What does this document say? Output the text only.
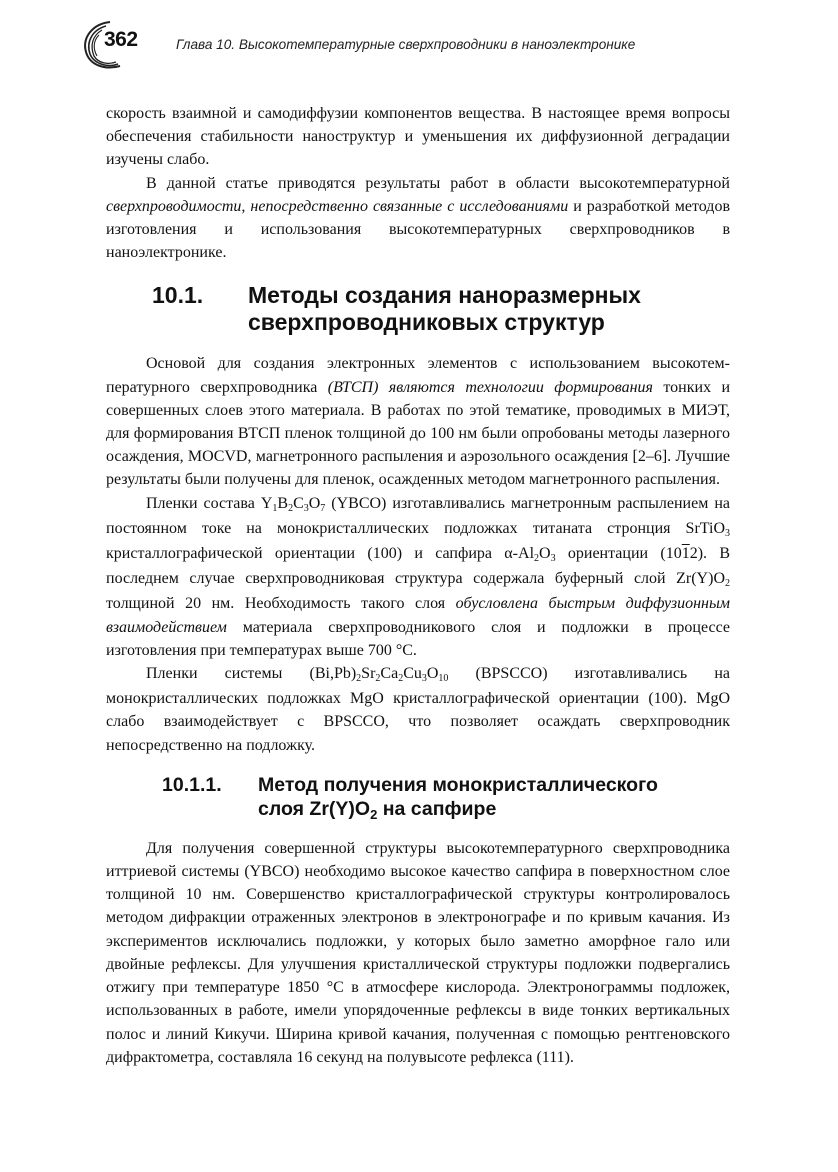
362	Глава 10. Высокотемпературные сверхпроводники в наноэлектронике

скорость взаимной и самодиффузии компонентов вещества. В настоящее время вопросы обеспечения стабильности наноструктур и уменьшения их диффузионной деградации изучены слабо.

В данной статье приводятся результаты работ в области высокотемпературной сверхпроводимости, непосредственно связанные с исследованиями и разработкой методов изготовления и использования высокотемпературных сверхпроводников в наноэлектронике.

10.1.	Методы создания наноразмерных
сверхпроводниковых структур

Основой для создания электронных элементов с использованием высокотемпературного сверхпроводника (ВТСП) являются технологии формирования тонких и совершенных слоев этого материала. В работах по этой тематике, проводимых в МИЭТ, для формирования ВТСП пленок толщиной до 100 нм были опробованы методы лазерного осаждения, MOCVD, магнетронного распыления и аэрозольного осаждения [2–6]. Лучшие результаты были получены для пленок, осажденных методом магнетронного распыления.

Пленки состава Y1B2C3O7 (YBCO) изготавливались магнетронным распылением на постоянном токе на монокристаллических подложках титаната стронция SrTiO3 кристаллографической ориентации (100) и сапфира α-Al2O3 ориентации (1012). В последнем случае сверхпроводниковая структура содержала буферный слой Zr(Y)O2 толщиной 20 нм. Необходимость такого слоя обусловлена быстрым диффузионным взаимодействием материала сверхпроводникового слоя и подложки в процессе изготовления при температурах выше 700 °С.

Пленки системы (Bi,Pb)2Sr2Ca2Cu3O10 (BPSCCO) изготавливались на монокристаллических подложках MgO кристаллографической ориентации (100). MgO слабо взаимодействует с BPSCCO, что позволяет осаждать сверхпроводник непосредственно на подложку.

10.1.1.	Метод получения монокристаллического
слоя $Zr(Y)O_2$ на сапфире

Для получения совершенной структуры высокотемпературного сверхпроводника иттриевой системы (YBCO) необходимо высокое качество сапфира в поверхностном слое толщиной 10 нм. Совершенство кристаллографической структуры контролировалось методом дифракции отраженных электронов в электронографе и по кривым качания. Из экспериментов исключались подложки, у которых было заметно аморфное гало или двойные рефлексы. Для улучшения кристаллической структуры подложки подвергались отжигу при температуре 1850 °С в атмосфере кислорода. Электронограммы подложек, использованных в работе, имели упорядоченные рефлексы в виде тонких вертикальных полос и линий Кикучи. Ширина кривой качания, полученная с помощью рентгеновского дифрактометра, составляла 16 секунд на полувысоте рефлекса (111).
